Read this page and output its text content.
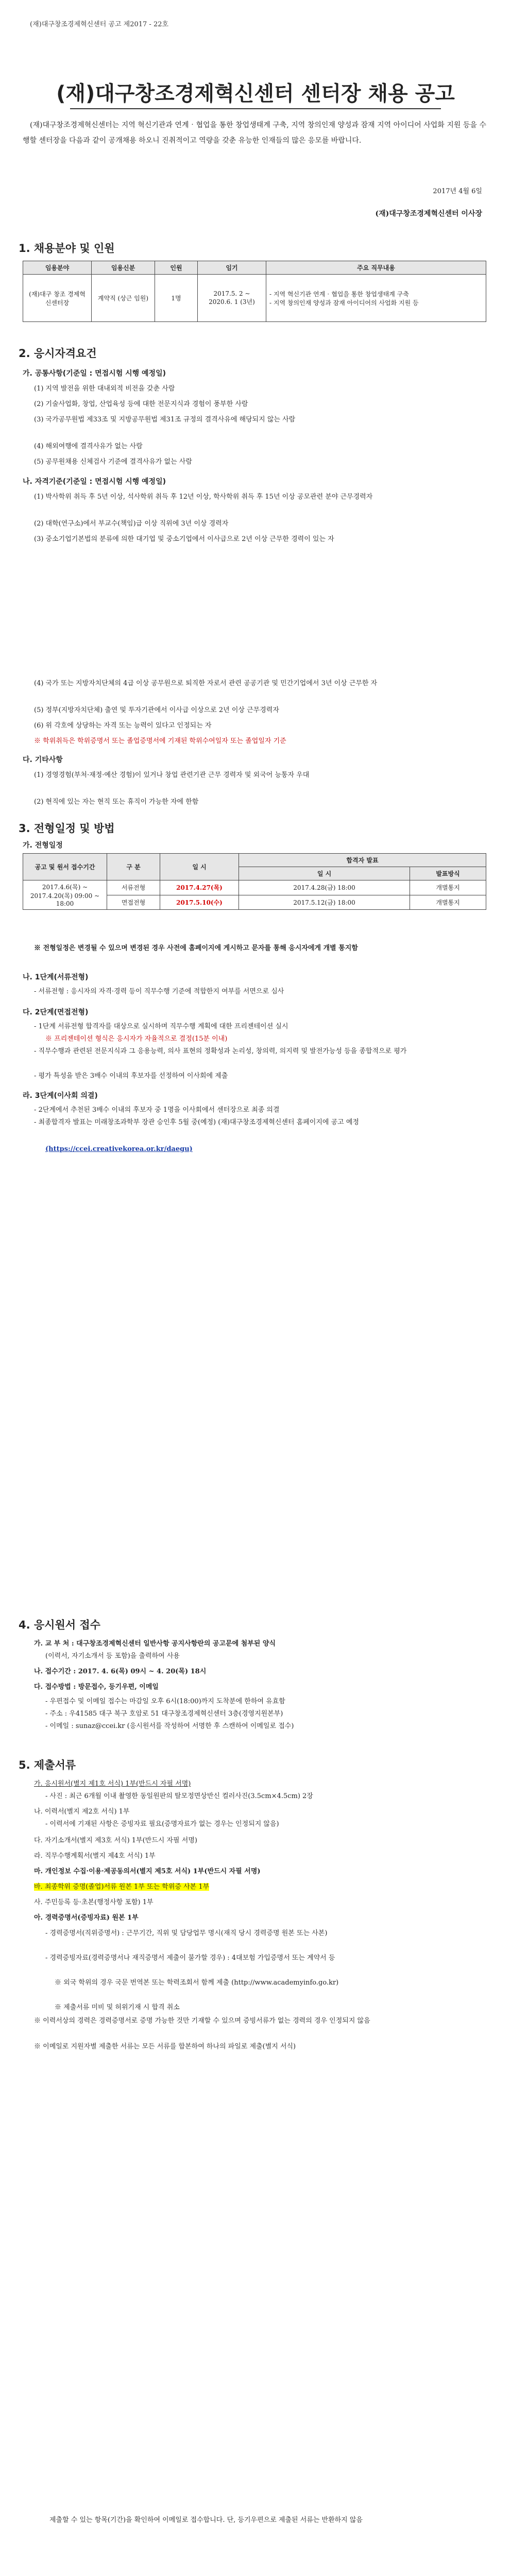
(재)대구창조경제혁신센터 공고 제2017 - 22호
(재)대구창조경제혁신센터 센터장 채용 공고
(재)대구창조경제혁신센터는 지역 혁신기관과 연계‧협업을 통한 창업생태계 구축, 지역 창의인재 양성과 잠재 지역 아이디어 사업화 지원 등을 수행할 센터장을 다음과 같이 공개채용 하오니 진취적이고 역량을 갖춘 유능한 인재들의 많은 응모를 바랍니다.
2017년 4월 6일
(재)대구창조경제혁신센터 이사장
1. 채용분야 및 인원
임용분야	임용신분	인원	임기	주요 직무내용
(재)대구 창조 경제혁신센터장	계약직 (상근 임원)	1명	2017.5. 2 ~ 2020.6. 1 (3년)	- 지역 혁신기관 연계‧협업을 통한 창업생태계 구축
- 지역 창의인재 양성과 잠재 아이디어의 사업화 지원 등
2. 응시자격요건
가. 공통사항(기준일 : 면접시험 시행 예정일)
(1) 지역 발전을 위한 대내외적 비전을 갖춘 사람
(2) 기술사업화, 창업, 산업육성 등에 대한 전문지식과 경험이 풍부한 사람
(3) 국가공무원법 제33조 및 지방공무원법 제31조 규정의 결격사유에 해당되지 않는 사람
(4) 해외여행에 결격사유가 없는 사람
(5) 공무원채용 신체검사 기준에 결격사유가 없는 사람
나. 자격기준(기준일 : 면접시험 시행 예정일)
(1) 박사학위 취득 후 5년 이상, 석사학위 취득 후 12년 이상, 학사학위 취득 후 15년 이상 공모관련 분야 근무경력자
(2) 대학(연구소)에서 부교수(책임)급 이상 직위에 3년 이상 경력자
(3) 중소기업기본법의 분류에 의한 대기업 및 중소기업에서 이사급으로 2년 이상 근무한 경력이 있는 자
(4) 국가 또는 지방자치단체의 4급 이상 공무원으로 퇴직한 자로서 관련 공공기관 및 민간기업에서 3년 이상 근무한 자
(5) 정부(지방자치단체) 출연 및 투자기관에서 이사급 이상으로 2년 이상 근무경력자
(6) 위 각호에 상당하는 자격 또는 능력이 있다고 인정되는 자
※ 학위취득은 학위증명서 또는 졸업증명서에 기재된 학위수여일자 또는 졸업일자 기준
다. 기타사항
(1) 경영경험(부처·재정·예산 경험)이 있거나 창업 관련기관 근무 경력자 및 외국어 능통자 우대
(2) 현직에 있는 자는 현직 또는 휴직이 가능한 자에 한함
3. 전형일정 및 방법
가. 전형일정
공고 및 원서 접수기간	구 분	일 시	합격자 발표	
			일 시	발표방식
2017.4.6(목) ~ 2017.4.20(목) 09:00 ~ 18:00	서류전형	2017.4.27(목)	2017.4.28(금) 18:00	개별통지
	면접전형	2017.5.10(수)	2017.5.12(금) 18:00	개별통지
※ 전형일정은 변경될 수 있으며 변경된 경우 사전에 홈페이지에 게시하고 문자를 통해 응시자에게 개별 통지함
나. 1단계(서류전형)
- 서류전형 : 응시자의 자격·경력 등이 직무수행 기준에 적합한지 여부를 서면으로 심사
다. 2단계(면접전형)
- 1단계 서류전형 합격자를 대상으로 실시하며 직무수행 계획에 대한 프리젠테이션 실시
※ 프리젠테이션 형식은 응시자가 자율적으로 결정(15분 이내)
- 직무수행과 관련된 전문지식과 그 응용능력, 의사 표현의 정확성과 논리성, 창의력, 의지력 및 발전가능성 등을 종합적으로 평가
- 평가 특성을 받은 3배수 이내의 후보자를 선정하여 이사회에 제출
라. 3단계(이사회 의결)
- 2단계에서 추천된 3배수 이내의 후보자 중 1명을 이사회에서 센터장으로 최종 의결
- 최종합격자 발표는 미래창조과학부 장관 승인후 5월 중(예정) (재)대구창조경제혁신센터 홈페이지에 공고 예정
(https://ccei.creativekorea.or.kr/daegu)
4. 응시원서 접수
가. 교 부 처 : 대구창조경제혁신센터 일반사항 공지사항란의 공고문에 첨부된 양식
(이력서, 자기소개서 등 포함)을 출력하여 사용
나. 접수기간 : 2017. 4. 6(목) 09시 ~ 4. 20(목) 18시
다. 접수방법 : 방문접수, 등기우편, 이메일
- 우편접수 및 이메일 접수는 마감일 오후 6시(18:00)까지 도착분에 한하여 유효함
- 주소 : 우41585 대구 북구 호암로 51 대구창조경제혁신센터 3층(경영지원본부)
- 이메일 : sunaz@ccei.kr (응시원서를 작성하여 서명한 후 스캔하여 이메일로 접수)
5. 제출서류
가. 응시원서(별지 제1호 서식) 1부(반드시 자필 서명)
- 사진 : 최근 6개월 이내 촬영한 동일원판의 탈모정면상반신 컬러사진(3.5cm×4.5cm) 2장
나. 이력서(별지 제2호 서식) 1부
- 이력서에 기재된 사항은 증빙자료 필요(증명자료가 없는 경우는 인정되지 않음)
다. 자기소개서(별지 제3호 서식) 1부(반드시 자필 서명)
라. 직무수행계획서(별지 제4호 서식) 1부
마. 개인정보 수집·이용·제공동의서(별지 제5호 서식) 1부(반드시 자필 서명)
바. 최종학위 증명(졸업)서류 원본 1부 또는 학위증 사본 1부
사. 주민등록 등·초본(행정사항 포함) 1부
아. 경력증명서(증빙자료) 원본 1부
- 경력증명서(직위증명서) : 근무기간, 직위 및 담당업무 명시(재직 당시 경력증명 원본 또는 사본)
- 경력증빙자료(경력증명서나 재직증명서 제출이 불가할 경우) : 4대보험 가입증명서 또는 계약서 등
※ 외국 학위의 경우 국문 번역본 또는 학력조회서 함께 제출 (http://www.academyinfo.go.kr)
※ 제출서류 미비 및 허위기재 시 합격 취소
※ 이력서상의 경력은 경력증명서로 증명 가능한 것만 기재할 수 있으며 증빙서류가 없는 경력의 경우 인정되지 않음
※ 이메일로 지원자별 제출한 서류는 모든 서류를 합본하여 하나의 파일로 제출(별지 서식)
제출할 수 있는 항목(기간)을 확인하여 이메일로 접수합니다. 단, 등기우편으로 제출된 서류는 반환하지 않음
